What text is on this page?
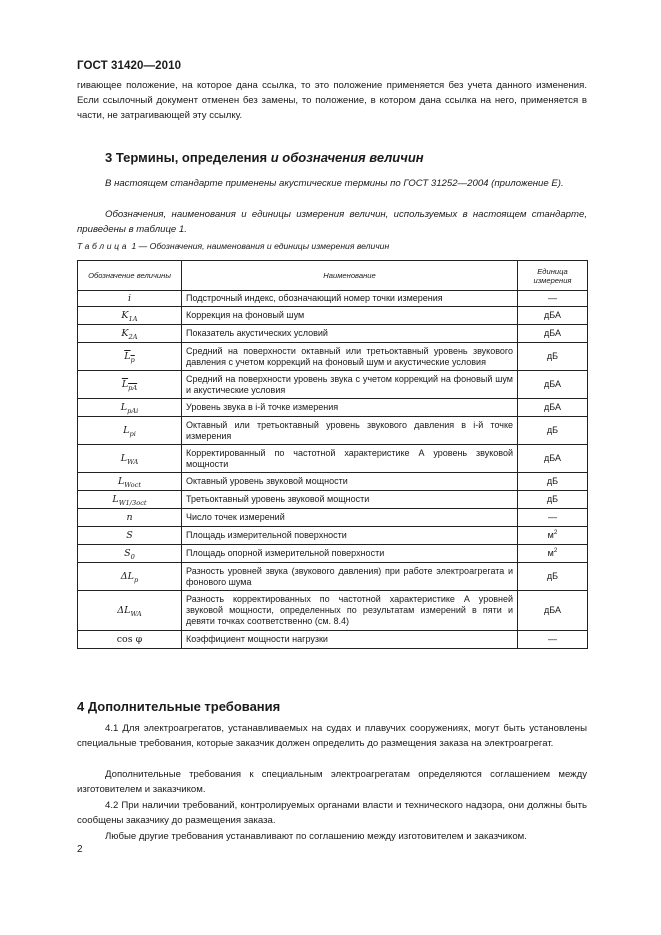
ГОСТ 31420—2010
гивающее положение, на которое дана ссылка, то это положение применяется без учета данного изменения. Если ссылочный документ отменен без замены, то положение, в котором дана ссылка на него, применяется в части, не затрагивающей эту ссылку.
3 Термины, определения и обозначения величин
В настоящем стандарте применены акустические термины по ГОСТ 31252—2004 (приложение Е).
Обозначения, наименования и единицы измерения величин, используемых в настоящем стандарте, приведены в таблице 1.
Таблица 1 — Обозначения, наименования и единицы измерения величин
Обозначение величины	Наименование	Единица измерения
i	Подстрочный индекс, обозначающий номер точки измерения	—
$K_{1A}$	Коррекция на фоновый шум	дБА
$K_{2A}$	Показатель акустических условий	дБА
$L_p$	Средний на поверхности октавный или третьоктавный уровень звукового давления с учетом коррекций на фоновый шум и акустические условия	дБ
$L_{pA}$	Средний на поверхности уровень звука с учетом коррекций на фоновый шум и акустические условия	дБА
$L_{pAi}$	Уровень звука в i-й точке измерения	дБА
$L_{pi}$	Октавный или третьоктавный уровень звукового давления в i-й точке измерения	дБ
$L_{WA}$	Корректированный по частотной характеристике А уровень звуковой мощности	дБА
$L_{Woct}$	Октавный уровень звуковой мощности	дБ
$L_{W1/3oct}$	Третьоктавный уровень звуковой мощности	дБ
n	Число точек измерений	—
S	Площадь измерительной поверхности	$м^2$
$S_0$	Площадь опорной измерительной поверхности	$м^2$
$\Delta L_p$	Разность уровней звука (звукового давления) при работе электроагрегата и фонового шума	дБ
$\Delta L_{WA}$	Разность корректированных по частотной характеристике А уровней звуковой мощности, определенных по результатам измерений в пяти и девяти точках соответственно (см. 8.4)	дБА
cos φ	Коэффициент мощности нагрузки	—
4 Дополнительные требования
4.1 Для электроагрегатов, устанавливаемых на судах и плавучих сооружениях, могут быть установлены специальные требования, которые заказчик должен определить до размещения заказа на электроагрегат.
Дополнительные требования к специальным электроагрегатам определяются соглашением между изготовителем и заказчиком.
4.2 При наличии требований, контролируемых органами власти и технического надзора, они должны быть сообщены заказчику до размещения заказа.
Любые другие требования устанавливают по соглашению между изготовителем и заказчиком.
2
